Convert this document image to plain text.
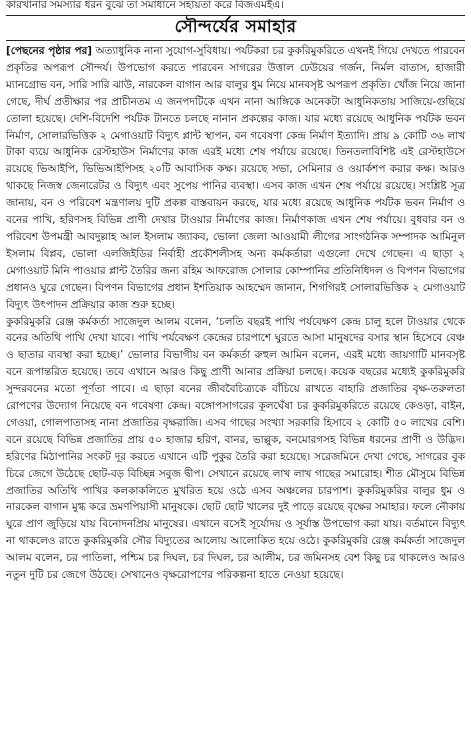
কারখানার সমস্যার ধরন বুঝে তা সমাধানে সহায়তা করে বিজএমইএ।
সৌন্দর্যের সমাহার

[পেছনের পৃষ্ঠার পর] অত্যাধুনিক নানা সুযোগ-সুবিধায়। পর্যটকরা চর কুকরিমুকরিতে এখনই গিয়ে দেখতে পারবেন প্রকৃতির অপরূপ সৌন্দর্য। উপভোগ করতে পারবেন সাগরের উত্তাল ঢেউয়ের গর্জন, নির্মল বাতাস, হাজারী ম্যানগ্রোভ বন, সারি সারি ঝাউ, নারকেল বাগান আর বালুর ধুম নিয়ে মানবসৃষ্ট অপরূপ প্রকৃতি। খোঁজ নিয়ে জানা গেছে, দীর্ঘ প্রতীক্ষার পর প্রাচীনতম এ জনপদটিকে এখন নানা আঙ্গিকে অনেকটা আধুনিকতায় সাজিয়ে-গুছিয়ে তোলা হয়েছে। দেশি-বিদেশি পর্যটক টানতে চলছে নানান প্রকল্পের কাজ। যার মধ্যে রয়েছে আধুনিক পর্যটক ভবন নির্মাণ, সোলারভিত্তিক ২ মেগাওয়াট বিদ্যুৎ প্লান্ট স্থাপন, বন গবেষণা কেন্দ্র নির্মাণ ইত্যাদি। প্রায় ৯ কোটি ৩৬ লাখ টাকা ব্যয়ে আধুনিক রেস্টহাউস নির্মাণের কাজ এরই মধ্যে শেষ পর্যায়ে রয়েছে। তিনতলাবিশিষ্ট এই রেস্টহাউসে রয়েছে ভিআইপি, ভিভিআইপিসহ ২০টি আবাসিক কক্ষ। রয়েছে সভা, সেমিনার ও ওয়ার্কশপ করার কক্ষ। আরও থাকছে নিজস্ব জেনারেটর ও বিদ্যুৎ এবং সুপেয় পানির ব্যবস্থা। এসব কাজ এখন শেষ পর্যায়ে রয়েছে। সংশ্লিষ্ট সূত্র জানায়, বন ও পরিবেশ মন্ত্রণালয় দুটি প্রকল্প বাস্তবায়ন করছে, যার মধ্যে রয়েছে আধুনিক পর্যটক ভবন নির্মাণ ও বনের পাখি, হরিণসহ বিভিন্ন প্রাণী দেখার টাওয়ার নির্মাণের কাজ। নির্মাণকাজ এখন শেষ পর্যায়ে। বুধবার বন ও পরিবেশ উপমন্ত্রী আবদুল্লাহ আল ইসলাম জ্যাকব, ভোলা জেলা আওয়ামী লীগের সাংগঠনিক সম্পাদক আমিনুল ইসলাম বিপ্লব, ভোলা এলজিইডির নির্বাহী প্রকৌশলীসহ অন্য কর্মকর্তারা এগুলো দেখে গেছেন। এ ছাড়া ২ মেগাওয়াট মিনি পাওয়ার প্লান্ট তৈরির জন্য রহিম আফরোজ সোলার কোম্পানির প্রতিনিধিদল ও বিপণন বিভাগের প্রধানও ঘুরে গেছেন। বিপণন বিভাগের প্রধান ইশতিয়াক আহম্মেদ জানান, শিগগিরই সোলারভিত্তিক ২ মেগাওয়াট বিদ্যুৎ উৎপাদন প্রক্রিয়ার কাজ শুরু হচ্ছে।

কুকরিমুকরি রেঞ্জ কর্মকর্তা সাজেদুল আলম বলেন, ‘চলতি বছরই পাখি পর্যবেক্ষণ কেন্দ্র চালু হলে টাওয়ার থেকে বনের অতিথি পাখি দেখা যাবে। পাখি পর্যবেক্ষণ কেন্দ্রের চারপাশে ঘুরতে আসা মানুষদের বসার স্থান হিসেবে বেঞ্চ ও ছাতার ব্যবস্থা করা হচ্ছে।’ ভোলার বিভাগীয় বন কর্মকর্তা রুহুল আমিন বলেন, এরই মধ্যে জায়গাটি মানবসৃষ্ট বনে রূপান্তরিত হয়েছে। তবে এখানে আরও কিছু প্রাণী আনার প্রক্রিয়া চলছে। কয়েক বছরের মধ্যেই কুকরিমুকরি সুন্দরবনের মতো পূর্ণতা পাবে। এ ছাড়া বনের জীববৈচিত্র্যকে বাঁচিয়ে রাখতে বাহারি প্রজাতির বৃক্ষ-তরুলতা রোপণের উদ্যোগ নিয়েছে বন গবেষণা কেন্দ্র। বঙ্গোপসাগরের কূলঘেঁষা চর কুকরিমুকরিতে রয়েছে কেওড়া, বাইন, গেওয়া, গোলপাতাসহ নানা প্রজাতির বৃক্ষরাজি। এসব গাছের সংখ্যা সরকারি হিসাবে ২ কোটি ৫০ লাখের বেশি। বনে রয়েছে বিভিন্ন প্রজাতির প্রায় ৫০ হাজার হরিণ, বানর, ভাল্লুক, বনমোরগসহ বিভিন্ন ধরনের প্রাণী ও উদ্ভিদ। হরিণের মিঠাপানির সংকট দূর করতে এখানে এটি পুকুর তৈরি করা হয়েছে। সরেজমিনে দেখা গেছে, সাগরের বুক চিরে জেগে উঠেছে ছোট-বড় বিচ্ছিন্ন সবুজ দ্বীপ। সেখানে রয়েছে লাখ লাখ গাছের সমারোহ। শীত মৌসুমে বিভিন্ন প্রজাতির অতিথি পাখির কলকাকলিতে মুখরিত হয়ে ওঠে এসব অঞ্চলের চারপাশ। কুকরিমুকরির বালুর ধুম ও নারকেল বাগান মুগ্ধ করে ভ্রমণপিয়াসী মানুষকে। ছোট ছোট খালের দুই পাড়ে রয়েছে বৃক্ষের সমাহার। ফলে নৌকায় ঘুরে প্রাণ জুড়িয়ে যায় বিনোদনপ্রিয় মানুষের। এখানে বসেই সূর্যোদয় ও সূর্যাস্ত উপভোগ করা যায়। বর্তমানে বিদ্যুৎ না থাকলেও রাতে কুকরিমুকরি সৌর বিদ্যুতের আলোয় আলোকিত হয়ে ওঠে। কুকরিমুকরি রেঞ্জ কর্মকর্তা সাজেদুল আলম বলেন, চর পাতিলা, পশ্চিম চর দিঘল, চর দিঘল, চর আলীম, চর জমিনসহ বেশ কিছু চর থাকলেও আরও নতুন দুটি চর জেগে উঠছে। সেখানেও বৃক্ষরোপণের পরিকল্পনা হাতে নেওয়া হয়েছে।
